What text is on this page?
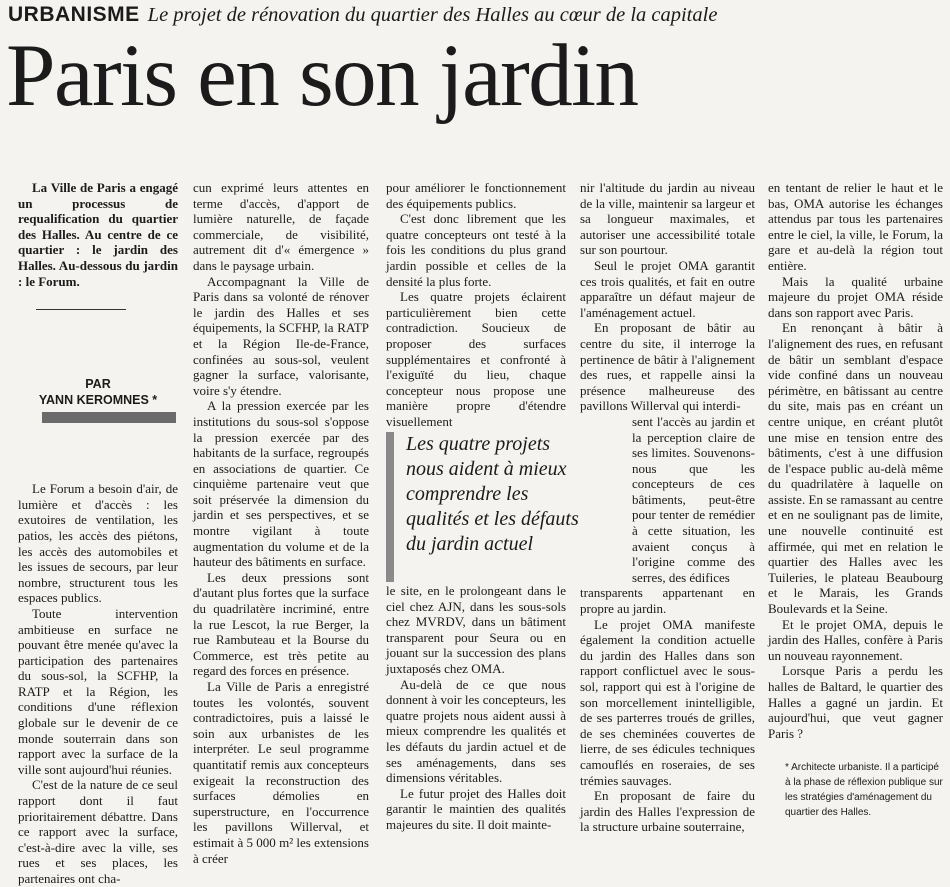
URBANISME Le projet de rénovation du quartier des Halles au cœur de la capitale
Paris en son jardin

La Ville de Paris a engagé un processus de requalification du quartier des Halles. Au centre de ce quartier : le jardin des Halles. Au-dessous du jardin : le Forum.

PAR
YANN KEROMNES *

Le Forum a besoin d'air, de lumière et d'accès : les exutoires de ventilation, les patios, les accès des piétons, les accès des automobiles et les issues de secours, par leur nombre, structurent tous les espaces publics.

Toute intervention ambitieuse en surface ne pouvant être menée qu'avec la participation des partenaires du sous-sol, la SCFHP, la RATP et la Région, les conditions d'une réflexion globale sur le devenir de ce monde souterrain dans son rapport avec la surface de la ville sont aujourd'hui réunies.

C'est de la nature de ce seul rapport dont il faut prioritairement débattre. Dans ce rapport avec la surface, c'est-à-dire avec la ville, ses rues et ses places, les partenaires ont cha-

cun exprimé leurs attentes en terme d'accès, d'apport de lumière naturelle, de façade commerciale, de visibilité, autrement dit d'« émergence » dans le paysage urbain.

Accompagnant la Ville de Paris dans sa volonté de rénover le jardin des Halles et ses équipements, la SCFHP, la RATP et la Région Ile-de-France, confinées au sous-sol, veulent gagner la surface, valorisante, voire s'y étendre.

A la pression exercée par les institutions du sous-sol s'oppose la pression exercée par des habitants de la surface, regroupés en associations de quartier. Ce cinquième partenaire veut que soit préservée la dimension du jardin et ses perspectives, et se montre vigilant à toute augmentation du volume et de la hauteur des bâtiments en surface.

Les deux pressions sont d'autant plus fortes que la surface du quadrilatère incriminé, entre la rue Lescot, la rue Berger, la rue Rambuteau et la Bourse du Commerce, est très petite au regard des forces en présence.

La Ville de Paris a enregistré toutes les volontés, souvent contradictoires, puis a laissé le soin aux urbanistes de les interpréter. Le seul programme quantitatif remis aux concepteurs exigeait la reconstruction des surfaces démolies en superstructure, en l'occurrence les pavillons Willerval, et estimait à 5 000 m² les extensions à créer

pour améliorer le fonctionnement des équipements publics.

C'est donc librement que les quatre concepteurs ont testé à la fois les conditions du plus grand jardin possible et celles de la densité la plus forte.

Les quatre projets éclairent particulièrement bien cette contradiction. Soucieux de proposer des surfaces supplémentaires et confronté à l'exiguïté du lieu, chaque concepteur nous propose une manière propre d'étendre visuellement

le site, en le prolongeant dans le ciel chez AJN, dans les sous-sols chez MVRDV, dans un bâtiment transparent pour Seura ou en jouant sur la succession des plans juxtaposés chez OMA.

Au-delà de ce que nous donnent à voir les concepteurs, les quatre projets nous aident aussi à mieux comprendre les qualités et les défauts du jardin actuel et de ses aménagements, dans ses dimensions véritables.

Le futur projet des Halles doit garantir le maintien des qualités majeures du site. Il doit mainte-

Les quatre projets nous aident à mieux comprendre les qualités et les défauts du jardin actuel

nir l'altitude du jardin au niveau de la ville, maintenir sa largeur et sa longueur maximales, et autoriser une accessibilité totale sur son pourtour.

Seul le projet OMA garantit ces trois qualités, et fait en outre apparaître un défaut majeur de l'aménagement actuel.

En proposant de bâtir au centre du site, il interroge la pertinence de bâtir à l'alignement des rues, et rappelle ainsi la présence malheureuse des pavillons Willerval qui interdi-

sent l'accès au jardin et la perception claire de ses limites. Souvenons-nous que les concepteurs de ces bâtiments, peut-être pour tenter de remédier à cette situation, les avaient conçus à l'origine comme des serres, des édifices

transparents appartenant en propre au jardin.

Le projet OMA manifeste également la condition actuelle du jardin des Halles dans son rapport conflictuel avec le sous-sol, rapport qui est à l'origine de son morcellement inintelligible, de ses parterres troués de grilles, de ses cheminées couvertes de lierre, de ses édicules techniques camouflés en roseraies, de ses trémies sauvages.

En proposant de faire du jardin des Halles l'expression de la structure urbaine souterraine,

en tentant de relier le haut et le bas, OMA autorise les échanges attendus par tous les partenaires entre le ciel, la ville, le Forum, la gare et au-delà la région tout entière.

Mais la qualité urbaine majeure du projet OMA réside dans son rapport avec Paris.

En renonçant à bâtir à l'alignement des rues, en refusant de bâtir un semblant d'espace vide confiné dans un nouveau périmètre, en bâtissant au centre du site, mais pas en créant un centre unique, en créant plutôt une mise en tension entre des bâtiments, c'est à une diffusion de l'espace public au-delà même du quadrilatère à laquelle on assiste. En se ramassant au centre et en ne soulignant pas de limite, une nouvelle continuité est affirmée, qui met en relation le quartier des Halles avec les Tuileries, le plateau Beaubourg et le Marais, les Grands Boulevards et la Seine.

Et le projet OMA, depuis le jardin des Halles, confère à Paris un nouveau rayonnement.

Lorsque Paris a perdu les halles de Baltard, le quartier des Halles a gagné un jardin. Et aujourd'hui, que veut gagner Paris ?

* Architecte urbaniste. Il a participé à la phase de réflexion publique sur les stratégies d'aménagement du quartier des Halles.
